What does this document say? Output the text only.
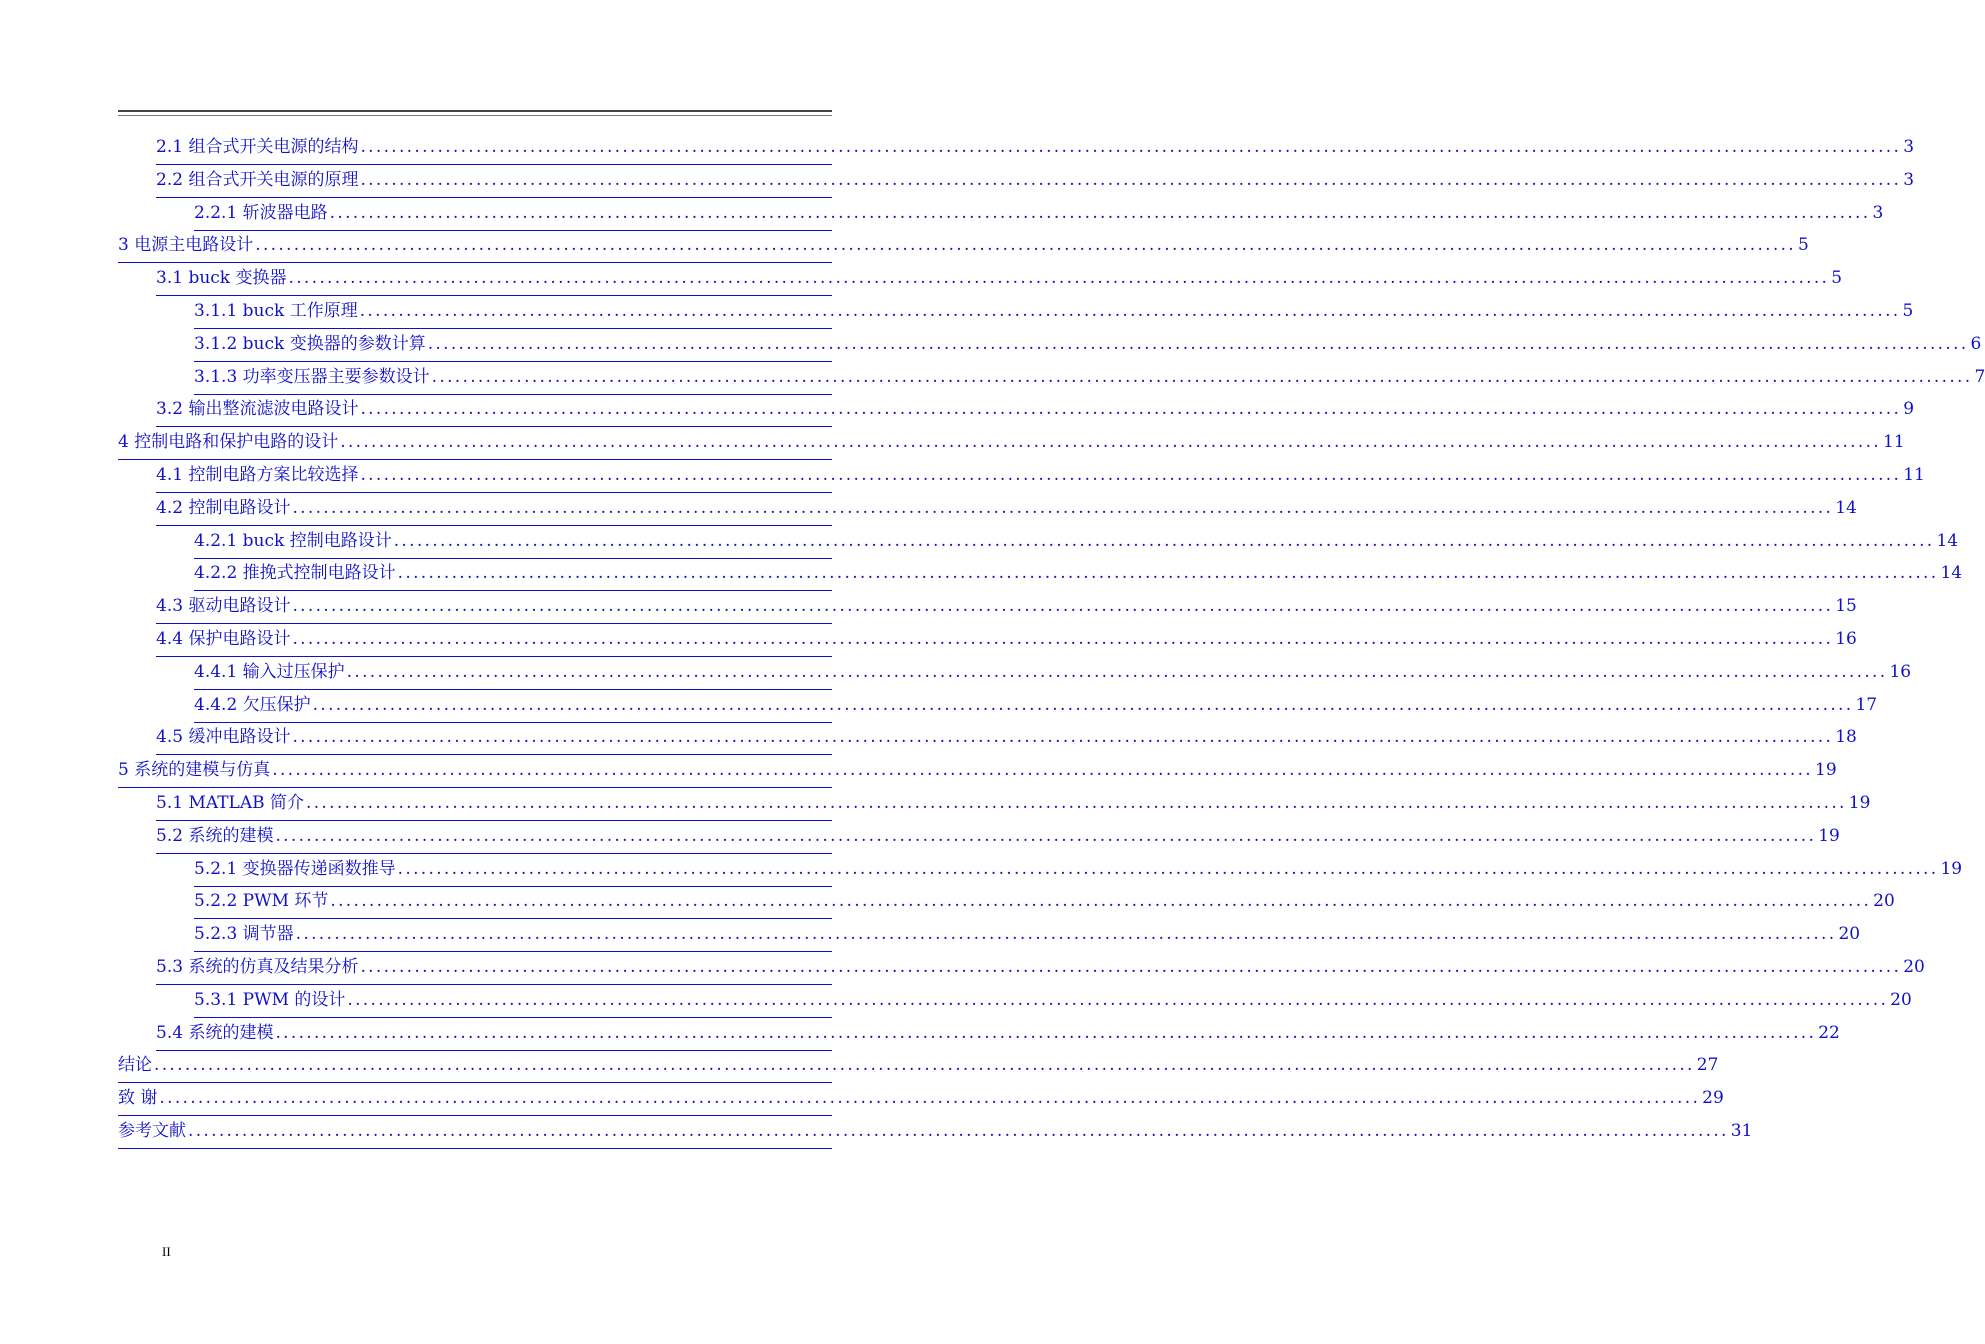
2.1 组合式开关电源的结构 ........................................................................................................................................................................................................ 3
2.2 组合式开关电源的原理 ........................................................................................................................................................................................................ 3
2.2.1 斩波器电路 ........................................................................................................................................................................................................ 3
3 电源主电路设计 ........................................................................................................................................................................................................ 5
3.1 buck 变换器 ........................................................................................................................................................................................................ 5
3.1.1 buck 工作原理 ........................................................................................................................................................................................................ 5
3.1.2 buck 变换器的参数计算 ........................................................................................................................................................................................................ 6
3.1.3 功率变压器主要参数设计 ........................................................................................................................................................................................................ 7
3.2 输出整流滤波电路设计 ........................................................................................................................................................................................................ 9
4 控制电路和保护电路的设计 ........................................................................................................................................................................................................ 11
4.1 控制电路方案比较选择 ........................................................................................................................................................................................................ 11
4.2 控制电路设计 ........................................................................................................................................................................................................ 14
4.2.1 buck 控制电路设计 ........................................................................................................................................................................................................ 14
4.2.2 推挽式控制电路设计 ........................................................................................................................................................................................................ 14
4.3 驱动电路设计 ........................................................................................................................................................................................................ 15
4.4 保护电路设计 ........................................................................................................................................................................................................ 16
4.4.1 输入过压保护 ........................................................................................................................................................................................................ 16
4.4.2 欠压保护 ........................................................................................................................................................................................................ 17
4.5 缓冲电路设计 ........................................................................................................................................................................................................ 18
5 系统的建模与仿真 ........................................................................................................................................................................................................ 19
5.1 MATLAB 简介 ........................................................................................................................................................................................................ 19
5.2 系统的建模 ........................................................................................................................................................................................................ 19
5.2.1 变换器传递函数推导 ........................................................................................................................................................................................................ 19
5.2.2 PWM 环节 ........................................................................................................................................................................................................ 20
5.2.3 调节器 ........................................................................................................................................................................................................ 20
5.3 系统的仿真及结果分析 ........................................................................................................................................................................................................ 20
5.3.1 PWM 的设计 ........................................................................................................................................................................................................ 20
5.4 系统的建模 ........................................................................................................................................................................................................ 22
结论 ........................................................................................................................................................................................................ 27
致 谢 ........................................................................................................................................................................................................ 29
参考文献 ........................................................................................................................................................................................................ 31
II
